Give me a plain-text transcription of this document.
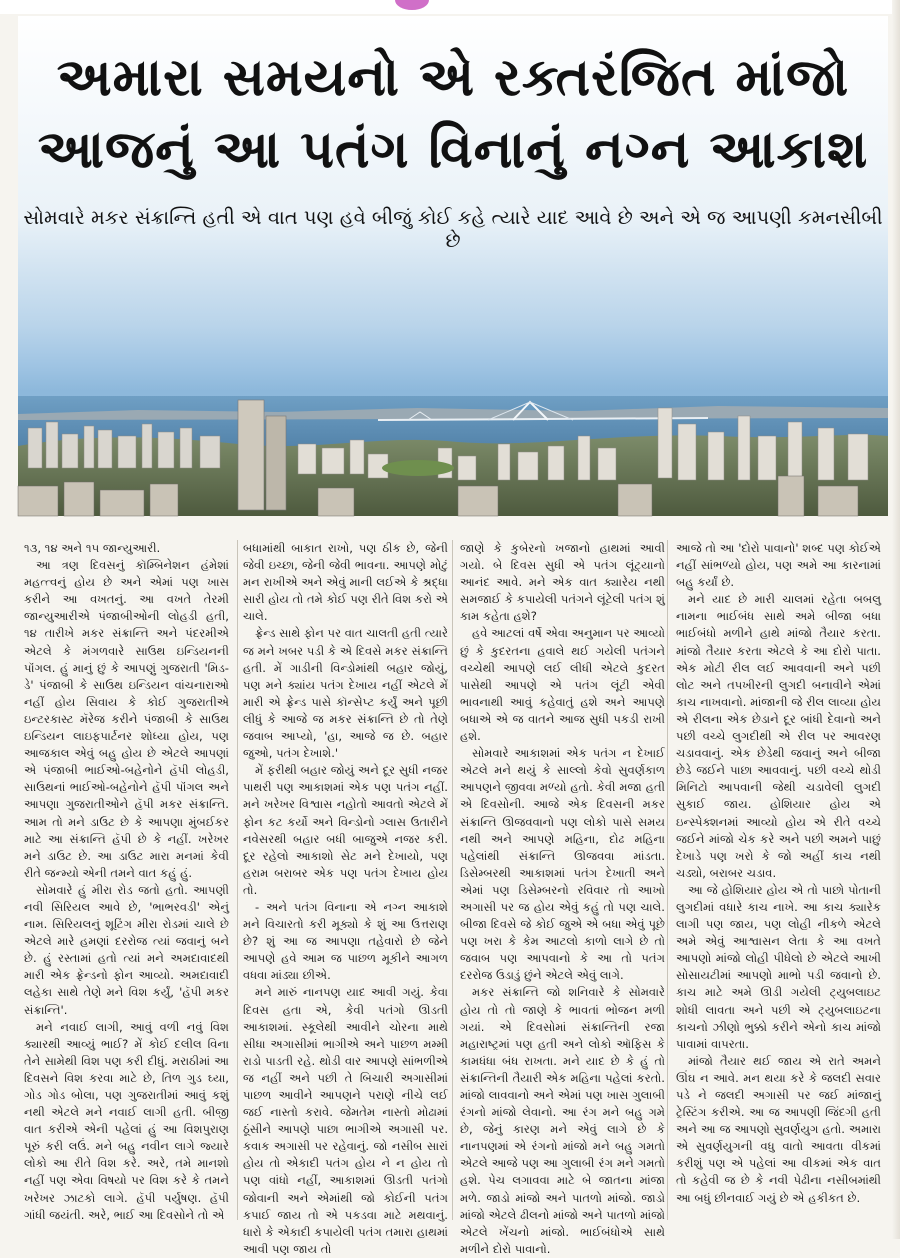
અમારા સમયનો એ રક્તરંજિત માંજો
આજનું આ પતંગ વિનાનું નગ્ન આકાશ

સોમવારે મકર સંક્રાન્તિ હતી એ વાત પણ હવે બીજું કોઈ કહે ત્યારે યાદ આવે છે અને એ જ આપણી કમનસીબી છે

૧૩, ૧૪ અને ૧૫ જાન્યુઆરી.

આ ત્રણ દિવસનું કૉમ્બિનેશન હંમેશાં મહત્ત્વનું હોય છે અને એમાં પણ ખાસ કરીને આ વખતનું. આ વખતે તેરમી જાન્યુઆરીએ પંજાબીઓની લોહડી હતી, ૧૪ તારીખે મકર સંક્રાન્તિ અને પંદરમીએ એટલે કે મંગળવારે સાઉથ ઇન્ડિયનની પૉંગલ. હું માનું છું કે આપણું ગુજરાતી 'મિડ-ડે' પંજાબી કે સાઉથ ઇન્ડિયન વાંચનારાઓ નહીં હોય સિવાય કે કોઈ ગુજરાતીએ ઇન્ટરકાસ્ટ મૅરેજ કરીને પંજાબી કે સાઉથ ઇન્ડિયન લાઇફપાર્ટનર શોધ્યા હોય, પણ આજકાલ એવું બહુ હોય છે એટલે આપણાં એ પંજાબી ભાઈઓ-બહેનોને હૅપી લોહડી, સાઉથનાં ભાઈઓ-બહેનોને હૅપી પૉંગલ અને આપણા ગુજરાતીઓને હૅપી મકર સંક્રાન્તિ. આમ તો મને ડાઉટ છે કે આપણા મુંબઈકર માટે આ સંક્રાન્તિ હૅપી છે કે નહીં. ખરેખર મને ડાઉટ છે. આ ડાઉટ મારા મનમાં કેવી રીતે જન્મ્યો એની તમને વાત કહું હું.

સોમવારે હું મીરા રોડ જતો હતો. આપણી નવી સિરિયલ આવે છે, 'ભાભરવડી' એનું નામ. સિરિયલનું શૂટિંગ મીરા રોડમાં ચાલે છે એટલે મારે હમણાં દરરોજ ત્યાં જવાનું બને છે. હું રસ્તામાં હતો ત્યાં મને અમદાવાદથી મારી એક ફ્રેન્ડનો ફોન આવ્યો. અમદાવાદી લહેકા સાથે તેણે મને વિશ કર્યું, 'હૅપી મકર સંક્રાન્તિ'.

મને નવાઈ લાગી, આવું વળી નવું વિશ ક્યારથી આવ્યું ભાઈ? મેં કોઈ દલીલ વિના તેને સામેથી વિશ પણ કરી દીધું. મરાઠીમાં આ દિવસને વિશ કરવા માટે છે, તિળ ગુડ ઘ્યા, ગોડ ગોડ બોલા, પણ ગુજરાતીમાં આવું કશું નથી એટલે મને નવાઈ લાગી હતી. બીજી વાત કરીએ એની પહેલાં હું આ વિશપુરાણ પૂરું કરી લઉં. મને બહુ નવીન લાગે જ્યારે લોકો આ રીતે વિશ કરે. અરે, તમે માનશો નહીં પણ એવા વિષયો પર વિશ કરે કે તમને ખરેખર ઝાટકો લાગે. હૅપી પર્યુષણ. હૅપી ગાંધી જયંતી. અરે, ભાઈ આ દિવસોને તો એ

બધામાંથી બાકાત રાખો, પણ ઠીક છે, જેની જેવી ઇચ્છા, જેની જેવી ભાવના. આપણે મોટું મન રાખીએ અને એવું માની લઈએ કે શ્રદ્ધા સારી હોય તો તમે કોઈ પણ રીતે વિશ કરો એ ચાલે.

ફ્રેન્ડ સાથે ફોન પર વાત ચાલતી હતી ત્યારે જ મને ખબર પડી કે એ દિવસે મકર સંક્રાન્તિ હતી. મેં ગાડીની વિન્ડોમાંથી બહાર જોયું, પણ મને ક્યાંય પતંગ દેખાય નહીં એટલે મેં મારી એ ફ્રેન્ડ પાસે કૉન્સેપ્ટ કર્યું અને પૂછી લીધું કે આજે જ મકર સંક્રાન્તિ છે તો તેણે જવાબ આપ્યો, 'હા, આજે જ છે. બહાર જુઓ, પતંગ દેખાશે.'

મેં ફરીથી બહાર જોયું અને દૂર સુધી નજર પાથરી પણ આકાશમાં એક પણ પતંગ નહીં. મને ખરેખર વિશ્વાસ નહોતો આવતો એટલે મેં ફોન કટ કર્યો અને વિન્ડોનો ગ્લાસ ઉતારીને નવેસરથી બહાર બધી બાજુએ નજર કરી. દૂર રહેલો આકાશો સેટ મને દેખાયો, પણ હરામ બરાબર એક પણ પતંગ દેખાય હોય તો.

- અને પતંગ વિનાના એ નગ્ન આકાશે મને વિચારતો કરી મૂક્યો કે શું આ ઉત્તરાણ છે? શું આ જ આપણા તહેવારો છે જેને આપણે હવે આમ જ પાછળ મૂકીને આગળ વધવા માંડ્યા છીએ.

મને મારું નાનપણ યાદ આવી ગયું. કેવા દિવસ હતા એ, કેવી પતંગો ઊડતી આકાશમાં. સ્કૂલેથી આવીને ચોરના માથે સીધા અગાસીમાં ભાગીએ અને પાછળ મમ્મી રાડો પાડતી રહે. થોડી વાર આપણે સાંભળીએ જ નહીં અને પછી તે બિચારી અગાસીમાં પાછળ આવીને આપણને પરાણે નીચે લઈ જઈ નાસ્તો કરાવે. જેમતેમ નાસ્તો મોઢામાં ઠૂંસીને આપણે પાછા ભાગીએ અગાસી પર. કવાક અગાસી પર રહેવાનું. જો નસીબ સારાં હોય તો એકાદી પતંગ હોય ને ન હોય તો પણ વાંધો નહીં, આકાશમાં ઊડતી પતંગો જોવાની અને એમાંથી જો કોઈની પતંગ કપાઈ જાય તો એ પકડવા માટે મથવાનું. ધારો કે એકાદી કપાયેલી પતંગ તમારા હાથમાં આવી પણ જાય તો

જાણે કે કુબેરનો ખજાનો હાથમાં આવી ગયો. બે દિવસ સુધી એ પતંગ લૂંટ્યાનો આનંદ આવે. મને એક વાત ક્યારેય નથી સમજાઈ કે કપાયેલી પતંગને લૂંટેલી પતંગ શું કામ કહેતા હશે?

હવે આટલાં વર્ષે એવા અનુમાન પર આવ્યો છું કે કુદરતના હવાલે થઈ ગયેલી પતંગને વચ્ચેથી આપણે લઈ લીધી એટલે કુદરત પાસેથી આપણે એ પતંગ લૂંટી એવી ભાવનાથી આવું કહેવાતું હશે અને આપણે બધાએ એ જ વાતને આજ સુધી પકડી રાખી હશે.

સોમવારે આકાશમાં એક પતંગ ન દેખાઈ એટલે મને થયું કે સાલ્લો કેવો સુવર્ણકાળ આપણને જીવવા મળ્યો હતો. કેવી મજા હતી એ દિવસોની. આજે એક દિવસની મકર સંક્રાન્તિ ઊજવવાનો પણ લોકો પાસે સમય નથી અને આપણે મહિના, દોઢ મહિના પહેલાંથી સંક્રાન્તિ ઊજવવા માંડતા. ડિસેમ્બરથી આકાશમાં પતંગ દેખાતી અને એમાં પણ ડિસેમ્બરનો રવિવાર તો આખો અગાસી પર જ હોય એવું કહું તો પણ ચાલે. બીજા દિવસે જે કોઈ જુએ એ બધા એવું પૂછે પણ ખરા કે કેમ આટલો કાળો લાગે છે તો જવાબ પણ આપવાનો કે આ તો પતંગ દરરોજ ઉડાડું છુંને એટલે એવું લાગે.

મકર સંક્રાન્તિ જો શનિવારે કે સોમવારે હોય તો તો જાણે કે ભાવતાં ભોજન મળી ગયાં. એ દિવસોમાં સંક્રાન્તિની રજા મહારાષ્ટ્રમાં પણ હતી અને લોકો ઑફિસ કે કામધંધા બંધ રાખતા. મને યાદ છે કે હું તો સંક્રાન્તિની તૈયારી એક મહિના પહેલાં કરતો. માંજો લાવવાનો અને એમાં પણ ખાસ ગુલાબી રંગનો માંજો લેવાનો. આ રંગ મને બહુ ગમે છે, જેનું કારણ મને એવું લાગે છે કે નાનપણમાં એ રંગનો માંજો મને બહુ ગમતો એટલે આજે પણ આ ગુલાબી રંગ મને ગમતો હશે. પેચ લગાવવા માટે બે જાતના માંજા મળે. જાડો માંજો અને પાતળો માંજો. જાડો માંજો એટલે ઢીલનો માંજો અને પાતળો માંજો એટલે ખેંચનો માંજો. ભાઈબંધોએ સાથે મળીને દોરો પાવાનો.

આજે તો આ 'દોરો પાવાનો' શબ્દ પણ કોઈએ નહીં સાંભળ્યો હોય, પણ અમે આ કારનામાં બહુ કર્યાં છે.

મને યાદ છે મારી ચાલમાં રહેતા બબલુ નામના ભાઈબંધ સાથે અમે બીજા બધા ભાઈબંધો મળીને હાથે માંજો તૈયાર કરતા. માંજો તૈયાર કરતા એટલે કે આ દોરો પાતા. એક મોટી રીલ લઈ આવવાની અને પછી લોટ અને તપખીરની લુગદી બનાવીને એમાં કાચ નાખવાનો. માંજાની જે રીલ લાવ્યા હોય એ રીલના એક છેડાને દૂર બાંધી દેવાનો અને પછી વચ્ચે લુગદીથી એ રીલ પર આવરણ ચડાવવાનું. એક છેડેથી જવાનું અને બીજા છેડે જઈને પાછા આવવાનું. પછી વચ્ચે થોડી મિનિટો આપવાની જેથી ચડાવેલી લુગદી સુકાઈ જાય. હોશિયાર હોય એ ઇન્સ્પેક્શનમાં આવ્યો હોય એ રીતે વચ્ચે જઈને માંજો ચેક કરે અને પછી અમને પાછું દેખાડે પણ ખરો કે જો અહીં કાચ નથી ચડ્યો, બરાબર ચડાવ.

આ જે હોશિયાર હોય એ તો પાછો પોતાની લુગદીમાં વધારે કાચ નાખે. આ કાચ ક્યારેક લાગી પણ જાય, પણ લોહી નીકળે એટલે અમે એવું આશ્વાસન લેતા કે આ વખતે આપણો માંજો લોહી પીધેલો છે એટલે આખી સોસાયટીમાં આપણો માભો પડી જવાનો છે. કાચ માટે અમે ઊડી ગયેલી ટ્યુબલાઇટ શોધી લાવતા અને પછી એ ટ્યુબલાઇટના કાચનો ઝીણો ભુક્કો કરીને એનો કાચ માંજો પાવામાં વાપરતા.

માંજો તૈયાર થઈ જાય એ રાતે અમને ઊંઘ ન આવે. મન થયા કરે કે જલદી સવાર પડે ને જલદી અગાસી પર જઈ માંજાનું ટ્રેસ્ટિંગ કરીએ. આ જ આપણી જિંદગી હતી અને આ જ આપણો સુવર્ણયુગ હતો. અમારા એ સુવર્ણયુગની વધુ વાતો આવતા વીકમાં કરીશું પણ એ પહેલાં આ વીકમાં એક વાત તો કહેવી જ છે કે નવી પેઢીના નસીબમાંથી આ બધું છીનવાઈ ગયું છે એ હકીકત છે.
